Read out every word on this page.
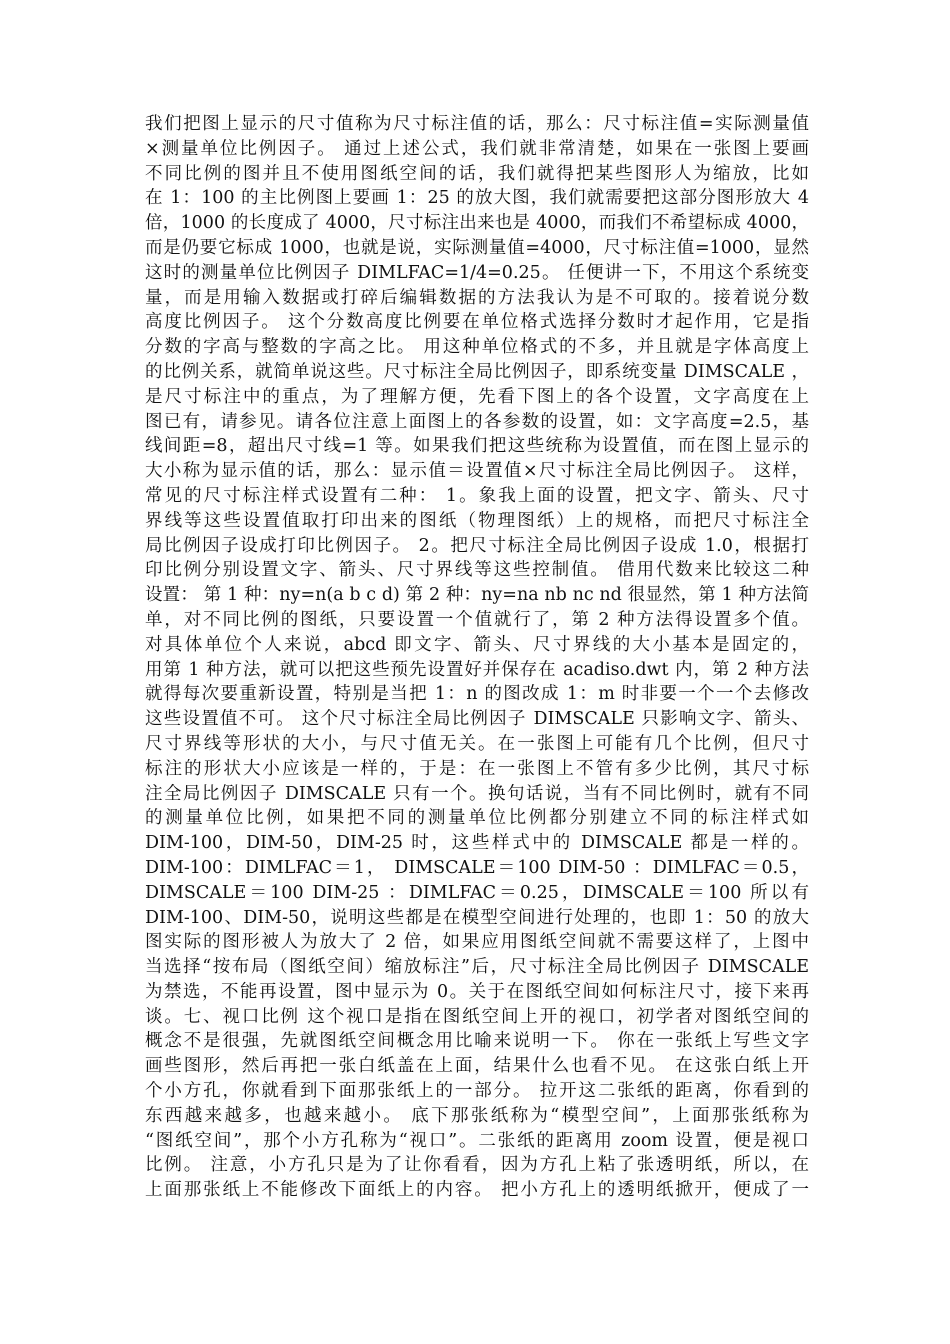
我们把图上显示的尺寸值称为尺寸标注值的话，那么：尺寸标注值=实际测量值
×测量单位比例因子。 通过上述公式，我们就非常清楚，如果在一张图上要画
不同比例的图并且不使用图纸空间的话，我们就得把某些图形人为缩放，比如
在 1：100 的主比例图上要画 1：25 的放大图，我们就需要把这部分图形放大 4
倍，1000 的长度成了 4000，尺寸标注出来也是 4000，而我们不希望标成 4000，
而是仍要它标成 1000，也就是说，实际测量值=4000，尺寸标注值=1000，显然
这时的测量单位比例因子 DIMLFAC=1/4=0.25。 任便讲一下，不用这个系统变
量，而是用输入数据或打碎后编辑数据的方法我认为是不可取的。接着说分数
高度比例因子。 这个分数高度比例要在单位格式选择分数时才起作用，它是指
分数的字高与整数的字高之比。 用这种单位格式的不多，并且就是字体高度上
的比例关系，就简单说这些。尺寸标注全局比例因子，即系统变量 DIMSCALE ，
是尺寸标注中的重点，为了理解方便，先看下图上的各个设置，文字高度在上
图已有，请参见。请各位注意上面图上的各参数的设置，如：文字高度=2.5，基
线间距=8，超出尺寸线=1 等。如果我们把这些统称为设置值，而在图上显示的
大小称为显示值的话，那么：显示值＝设置值×尺寸标注全局比例因子。 这样，
常见的尺寸标注样式设置有二种： 1。象我上面的设置，把文字、箭头、尺寸
界线等这些设置值取打印出来的图纸（物理图纸）上的规格，而把尺寸标注全
局比例因子设成打印比例因子。 2。把尺寸标注全局比例因子设成 1.0，根据打
印比例分别设置文字、箭头、尺寸界线等这些控制值。 借用代数来比较这二种
设置： 第 1 种：ny=n(a b c d) 第 2 种：ny=na nb nc nd 很显然，第 1 种方法简
单，对不同比例的图纸，只要设置一个值就行了，第 2 种方法得设置多个值。
对具体单位个人来说，abcd 即文字、箭头、尺寸界线的大小基本是固定的，
用第 1 种方法，就可以把这些预先设置好并保存在 acadiso.dwt 内，第 2 种方法
就得每次要重新设置，特别是当把 1：n 的图改成 1：m 时非要一个一个去修改
这些设置值不可。 这个尺寸标注全局比例因子 DIMSCALE 只影响文字、箭头、
尺寸界线等形状的大小，与尺寸值无关。在一张图上可能有几个比例，但尺寸
标注的形状大小应该是一样的，于是：在一张图上不管有多少比例，其尺寸标
注全局比例因子 DIMSCALE 只有一个。换句话说，当有不同比例时，就有不同
的测量单位比例，如果把不同的测量单位比例都分别建立不同的标注样式如
DIM-100，DIM-50，DIM-25 时，这些样式中的 DIMSCALE 都是一样的。
DIM-100：DIMLFAC＝1， DIMSCALE＝100 DIM-50 ：DIMLFAC＝0.5，
DIMSCALE＝100 DIM-25 ：DIMLFAC＝0.25，DIMSCALE＝100 所以有
DIM-100、DIM-50，说明这些都是在模型空间进行处理的，也即 1：50 的放大
图实际的图形被人为放大了 2 倍，如果应用图纸空间就不需要这样了，上图中
当选择“按布局（图纸空间）缩放标注”后，尺寸标注全局比例因子 DIMSCALE
为禁选，不能再设置，图中显示为 0。关于在图纸空间如何标注尺寸，接下来再
谈。七、视口比例 这个视口是指在图纸空间上开的视口，初学者对图纸空间的
概念不是很强，先就图纸空间概念用比喻来说明一下。 你在一张纸上写些文字
画些图形，然后再把一张白纸盖在上面，结果什么也看不见。 在这张白纸上开
个小方孔，你就看到下面那张纸上的一部分。 拉开这二张纸的距离，你看到的
东西越来越多，也越来越小。 底下那张纸称为“模型空间”，上面那张纸称为
“图纸空间”，那个小方孔称为“视口”。二张纸的距离用 zoom 设置，便是视口
比例。 注意，小方孔只是为了让你看看，因为方孔上粘了张透明纸，所以，在
上面那张纸上不能修改下面纸上的内容。 把小方孔上的透明纸掀开，便成了一
